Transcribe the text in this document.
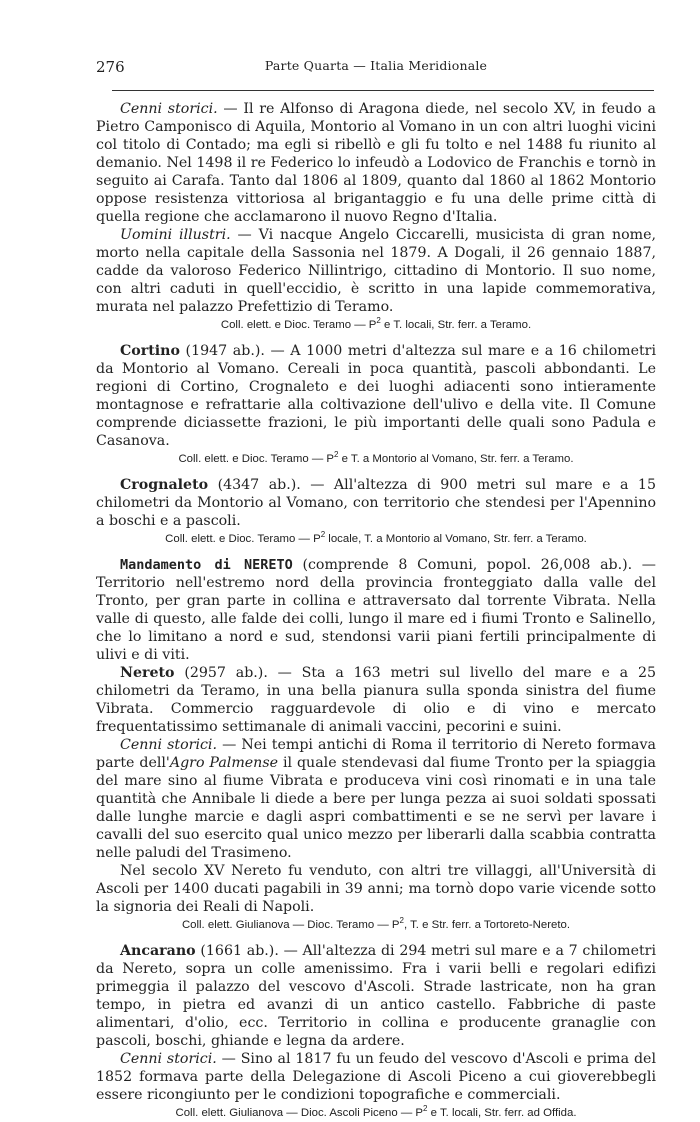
276	Parte Quarta — Italia Meridionale

Cenni storici. — Il re Alfonso di Aragona diede, nel secolo XV, in feudo a Pietro Camponisco di Aquila, Montorio al Vomano in un con altri luoghi vicini col titolo di Contado; ma egli si ribellò e gli fu tolto e nel 1488 fu riunito al demanio. Nel 1498 il re Federico lo infeudò a Lodovico de Franchis e tornò in seguito ai Carafa. Tanto dal 1806 al 1809, quanto dal 1860 al 1862 Montorio oppose resistenza vittoriosa al brigantaggio e fu una delle prime città di quella regione che acclamarono il nuovo Regno d'Italia.

Uomini illustri. — Vi nacque Angelo Ciccarelli, musicista di gran nome, morto nella capitale della Sassonia nel 1879. A Dogali, il 26 gennaio 1887, cadde da valoroso Federico Nillintrigo, cittadino di Montorio. Il suo nome, con altri caduti in quell'eccidio, è scritto in una lapide commemorativa, murata nel palazzo Prefettizio di Teramo.

Coll. elett. e Dioc. Teramo — $P^2$ e T. locali, Str. ferr. a Teramo.

Cortino (1947 ab.). — A 1000 metri d'altezza sul mare e a 16 chilometri da Montorio al Vomano. Cereali in poca quantità, pascoli abbondanti. Le regioni di Cortino, Crognaleto e dei luoghi adiacenti sono intieramente montagnose e refrattarie alla coltivazione dell'ulivo e della vite. Il Comune comprende diciassette frazioni, le più importanti delle quali sono Padula e Casanova.

Coll. elett. e Dioc. Teramo — $P^2$ e T. a Montorio al Vomano, Str. ferr. a Teramo.

Crognaleto (4347 ab.). — All'altezza di 900 metri sul mare e a 15 chilometri da Montorio al Vomano, con territorio che stendesi per l'Apennino a boschi e a pascoli.

Coll. elett. e Dioc. Teramo — $P^2$ locale, T. a Montorio al Vomano, Str. ferr. a Teramo.

Mandamento di NERETO (comprende 8 Comuni, popol. 26,008 ab.). — Territorio nell'estremo nord della provincia fronteggiato dalla valle del Tronto, per gran parte in collina e attraversato dal torrente Vibrata. Nella valle di questo, alle falde dei colli, lungo il mare ed i fiumi Tronto e Salinello, che lo limitano a nord e sud, stendonsi varii piani fertili principalmente di ulivi e di viti.

Nereto (2957 ab.). — Sta a 163 metri sul livello del mare e a 25 chilometri da Teramo, in una bella pianura sulla sponda sinistra del fiume Vibrata. Commercio ragguardevole di olio e di vino e mercato frequentatissimo settimanale di animali vaccini, pecorini e suini.

Cenni storici. — Nei tempi antichi di Roma il territorio di Nereto formava parte dell'Agro Palmense il quale stendevasi dal fiume Tronto per la spiaggia del mare sino al fiume Vibrata e produceva vini così rinomati e in una tale quantità che Annibale li diede a bere per lunga pezza ai suoi soldati spossati dalle lunghe marcie e dagli aspri combattimenti e se ne servì per lavare i cavalli del suo esercito qual unico mezzo per liberarli dalla scabbia contratta nelle paludi del Trasimeno.

Nel secolo XV Nereto fu venduto, con altri tre villaggi, all'Università di Ascoli per 1400 ducati pagabili in 39 anni; ma tornò dopo varie vicende sotto la signoria dei Reali di Napoli.

Coll. elett. Giulianova — Dioc. Teramo — $P^2$, T. e Str. ferr. a Tortoreto-Nereto.

Ancarano (1661 ab.). — All'altezza di 294 metri sul mare e a 7 chilometri da Nereto, sopra un colle amenissimo. Fra i varii belli e regolari edifizi primeggia il palazzo del vescovo d'Ascoli. Strade lastricate, non ha gran tempo, in pietra ed avanzi di un antico castello. Fabbriche di paste alimentari, d'olio, ecc. Territorio in collina e producente granaglie con pascoli, boschi, ghiande e legna da ardere.

Cenni storici. — Sino al 1817 fu un feudo del vescovo d'Ascoli e prima del 1852 formava parte della Delegazione di Ascoli Piceno a cui gioverebbegli essere ricongiunto per le condizioni topografiche e commerciali.

Coll. elett. Giulianova — Dioc. Ascoli Piceno — $P^2$ e T. locali, Str. ferr. ad Offida.
